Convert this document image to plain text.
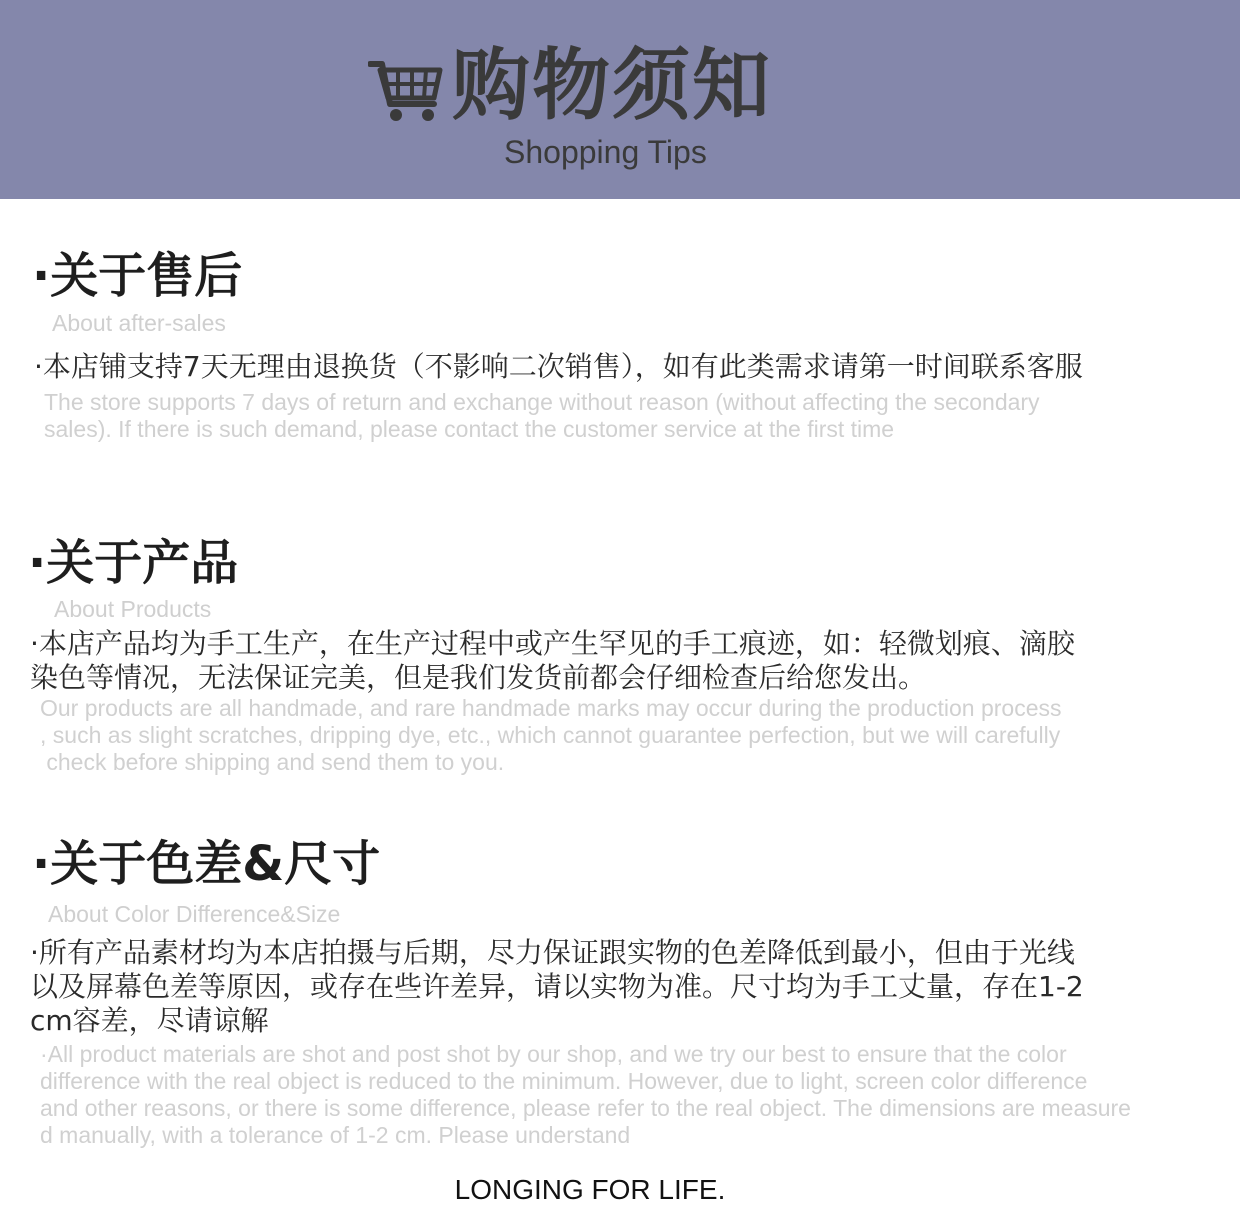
购物须知
Shopping Tips
·关于售后
About after-sales
·本店铺支持7天无理由退换货（不影响二次销售），如有此类需求请第一时间联系客服
The store supports 7 days of return and exchange without reason (without affecting the secondary
sales). If there is such demand, please contact the customer service at the first time
·关于产品
About Products
·本店产品均为手工生产，在生产过程中或产生罕见的手工痕迹，如：轻微划痕、滴胶
染色等情况，无法保证完美，但是我们发货前都会仔细检查后给您发出。
Our products are all handmade, and rare handmade marks may occur during the production process
, such as slight scratches, dripping dye, etc., which cannot guarantee perfection, but we will carefully
check before shipping and send them to you.
·关于色差&尺寸
About Color Difference&Size
·所有产品素材均为本店拍摄与后期，尽力保证跟实物的色差降低到最小，但由于光线
以及屏幕色差等原因，或存在些许差异，请以实物为准。尺寸均为手工丈量，存在1-2
cm容差，尽请谅解
·All product materials are shot and post shot by our shop, and we try our best to ensure that the color
difference with the real object is reduced to the minimum. However, due to light, screen color difference
and other reasons, or there is some difference, please refer to the real object. The dimensions are measure
d manually, with a tolerance of 1-2 cm. Please understand
LONGING FOR LIFE.
